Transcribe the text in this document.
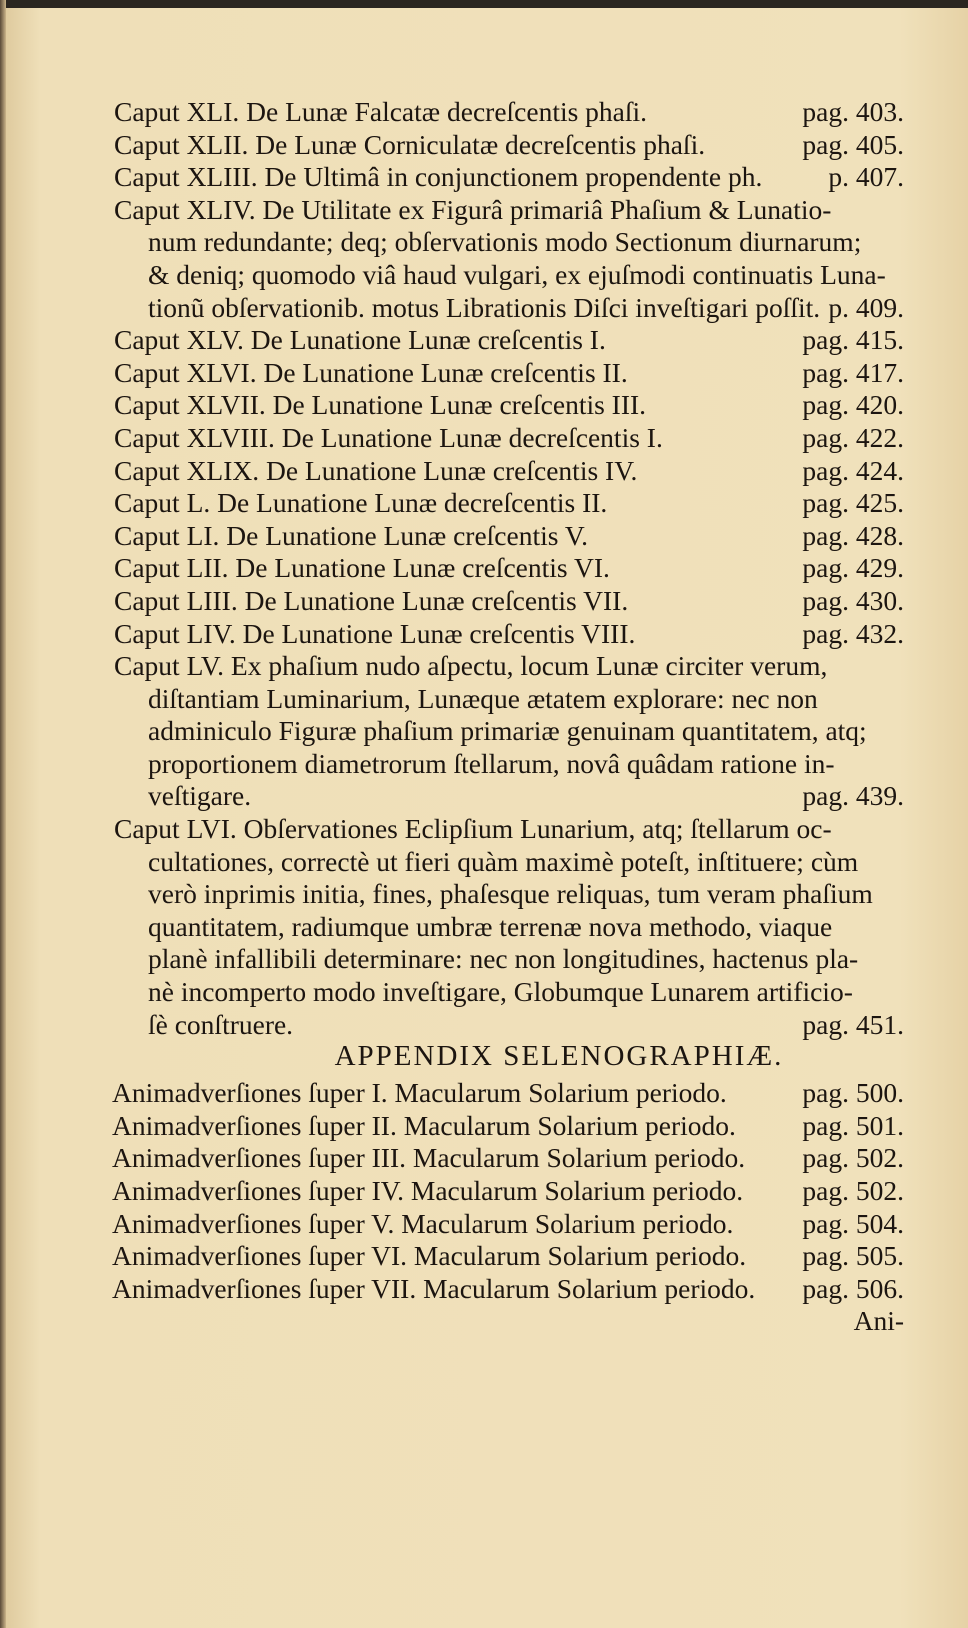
Caput XLI. De Lunæ Falcatæ decreſcentis phaſi.	pag. 403.
Caput XLII. De Lunæ Corniculatæ decreſcentis phaſi.	pag. 405.
Caput XLIII. De Ultimâ in conjunctionem propendente ph. p. 407.
Caput XLIV. De Utilitate ex Figurâ primariâ Phaſium & Lunatio-
num redundante; deq; obſervationis modo Sectionum diurnarum;
& deniq; quomodo viâ haud vulgari, ex ejuſmodi continuatis Luna-
tionũ obſervationib. motus Librationis Diſci inveſtigari poſſit. p. 409.
Caput XLV. De Lunatione Lunæ creſcentis I.	pag. 415.
Caput XLVI. De Lunatione Lunæ creſcentis II.	pag. 417.
Caput XLVII. De Lunatione Lunæ creſcentis III.	pag. 420.
Caput XLVIII. De Lunatione Lunæ decreſcentis I.	pag. 422.
Caput XLIX. De Lunatione Lunæ creſcentis IV.	pag. 424.
Caput L. De Lunatione Lunæ decreſcentis II.	pag. 425.
Caput LI. De Lunatione Lunæ creſcentis V.	pag. 428.
Caput LII. De Lunatione Lunæ creſcentis VI.	pag. 429.
Caput LIII. De Lunatione Lunæ creſcentis VII.	pag. 430.
Caput LIV. De Lunatione Lunæ creſcentis VIII.	pag. 432.
Caput LV. Ex phaſium nudo aſpectu, locum Lunæ circiter verum,
diſtantiam Luminarium, Lunæque ætatem explorare: nec non
adminiculo Figuræ phaſium primariæ genuinam quantitatem, atq;
proportionem diametrorum ſtellarum, novâ quâdam ratione in-
veſtigare.	pag. 439.
Caput LVI. Obſervationes Eclipſium Lunarium, atq; ſtellarum oc-
cultationes, correctè ut fieri quàm maximè poteſt, inſtituere; cùm
verò inprimis initia, fines, phaſesque reliquas, tum veram phaſium
quantitatem, radiumque umbræ terrenæ nova methodo, viaque
planè infallibili determinare: nec non longitudines, hactenus pla-
nè incomperto modo inveſtigare, Globumque Lunarem artificio-
ſè conſtruere.	pag. 451.
APPENDIX SELENOGRAPHIÆ.
Animadverſiones ſuper I. Macularum Solarium periodo.	pag. 500.
Animadverſiones ſuper II. Macularum Solarium periodo. pag. 501.
Animadverſiones ſuper III. Macularum Solarium periodo. pag. 502.
Animadverſiones ſuper IV. Macularum Solarium periodo. pag. 502.
Animadverſiones ſuper V. Macularum Solarium periodo.	pag. 504.
Animadverſiones ſuper VI. Macularum Solarium periodo. pag. 505.
Animadverſiones ſuper VII. Macularum Solarium periodo. pag. 506.
Ani-
